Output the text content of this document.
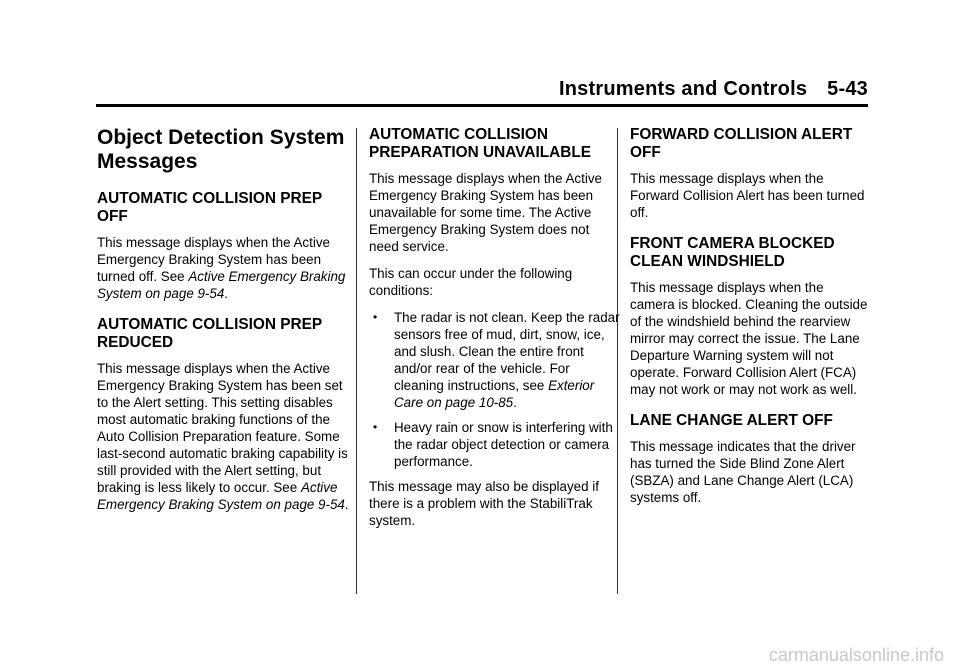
Instruments and Controls 5-43
Object Detection System Messages
AUTOMATIC COLLISION PREP OFF

This message displays when the Active Emergency Braking System has been turned off. See Active Emergency Braking System on page 9-54.

AUTOMATIC COLLISION PREP REDUCED

This message displays when the Active Emergency Braking System has been set to the Alert setting. This setting disables most automatic braking functions of the Auto Collision Preparation feature. Some last-second automatic braking capability is still provided with the Alert setting, but braking is less likely to occur. See Active Emergency Braking System on page 9-54.

AUTOMATIC COLLISION PREPARATION UNAVAILABLE

This message displays when the Active Emergency Braking System has been unavailable for some time. The Active Emergency Braking System does not need service.

This can occur under the following conditions:

• The radar is not clean. Keep the radar sensors free of mud, dirt, snow, ice, and slush. Clean the entire front and/or rear of the vehicle. For cleaning instructions, see Exterior Care on page 10-85.
• Heavy rain or snow is interfering with the radar object detection or camera performance.

This message may also be displayed if there is a problem with the StabiliTrak system.

FORWARD COLLISION ALERT OFF

This message displays when the Forward Collision Alert has been turned off.

FRONT CAMERA BLOCKED CLEAN WINDSHIELD

This message displays when the camera is blocked. Cleaning the outside of the windshield behind the rearview mirror may correct the issue. The Lane Departure Warning system will not operate. Forward Collision Alert (FCA) may not work or may not work as well.

LANE CHANGE ALERT OFF

This message indicates that the driver has turned the Side Blind Zone Alert (SBZA) and Lane Change Alert (LCA) systems off.

carmanualsonline.info
